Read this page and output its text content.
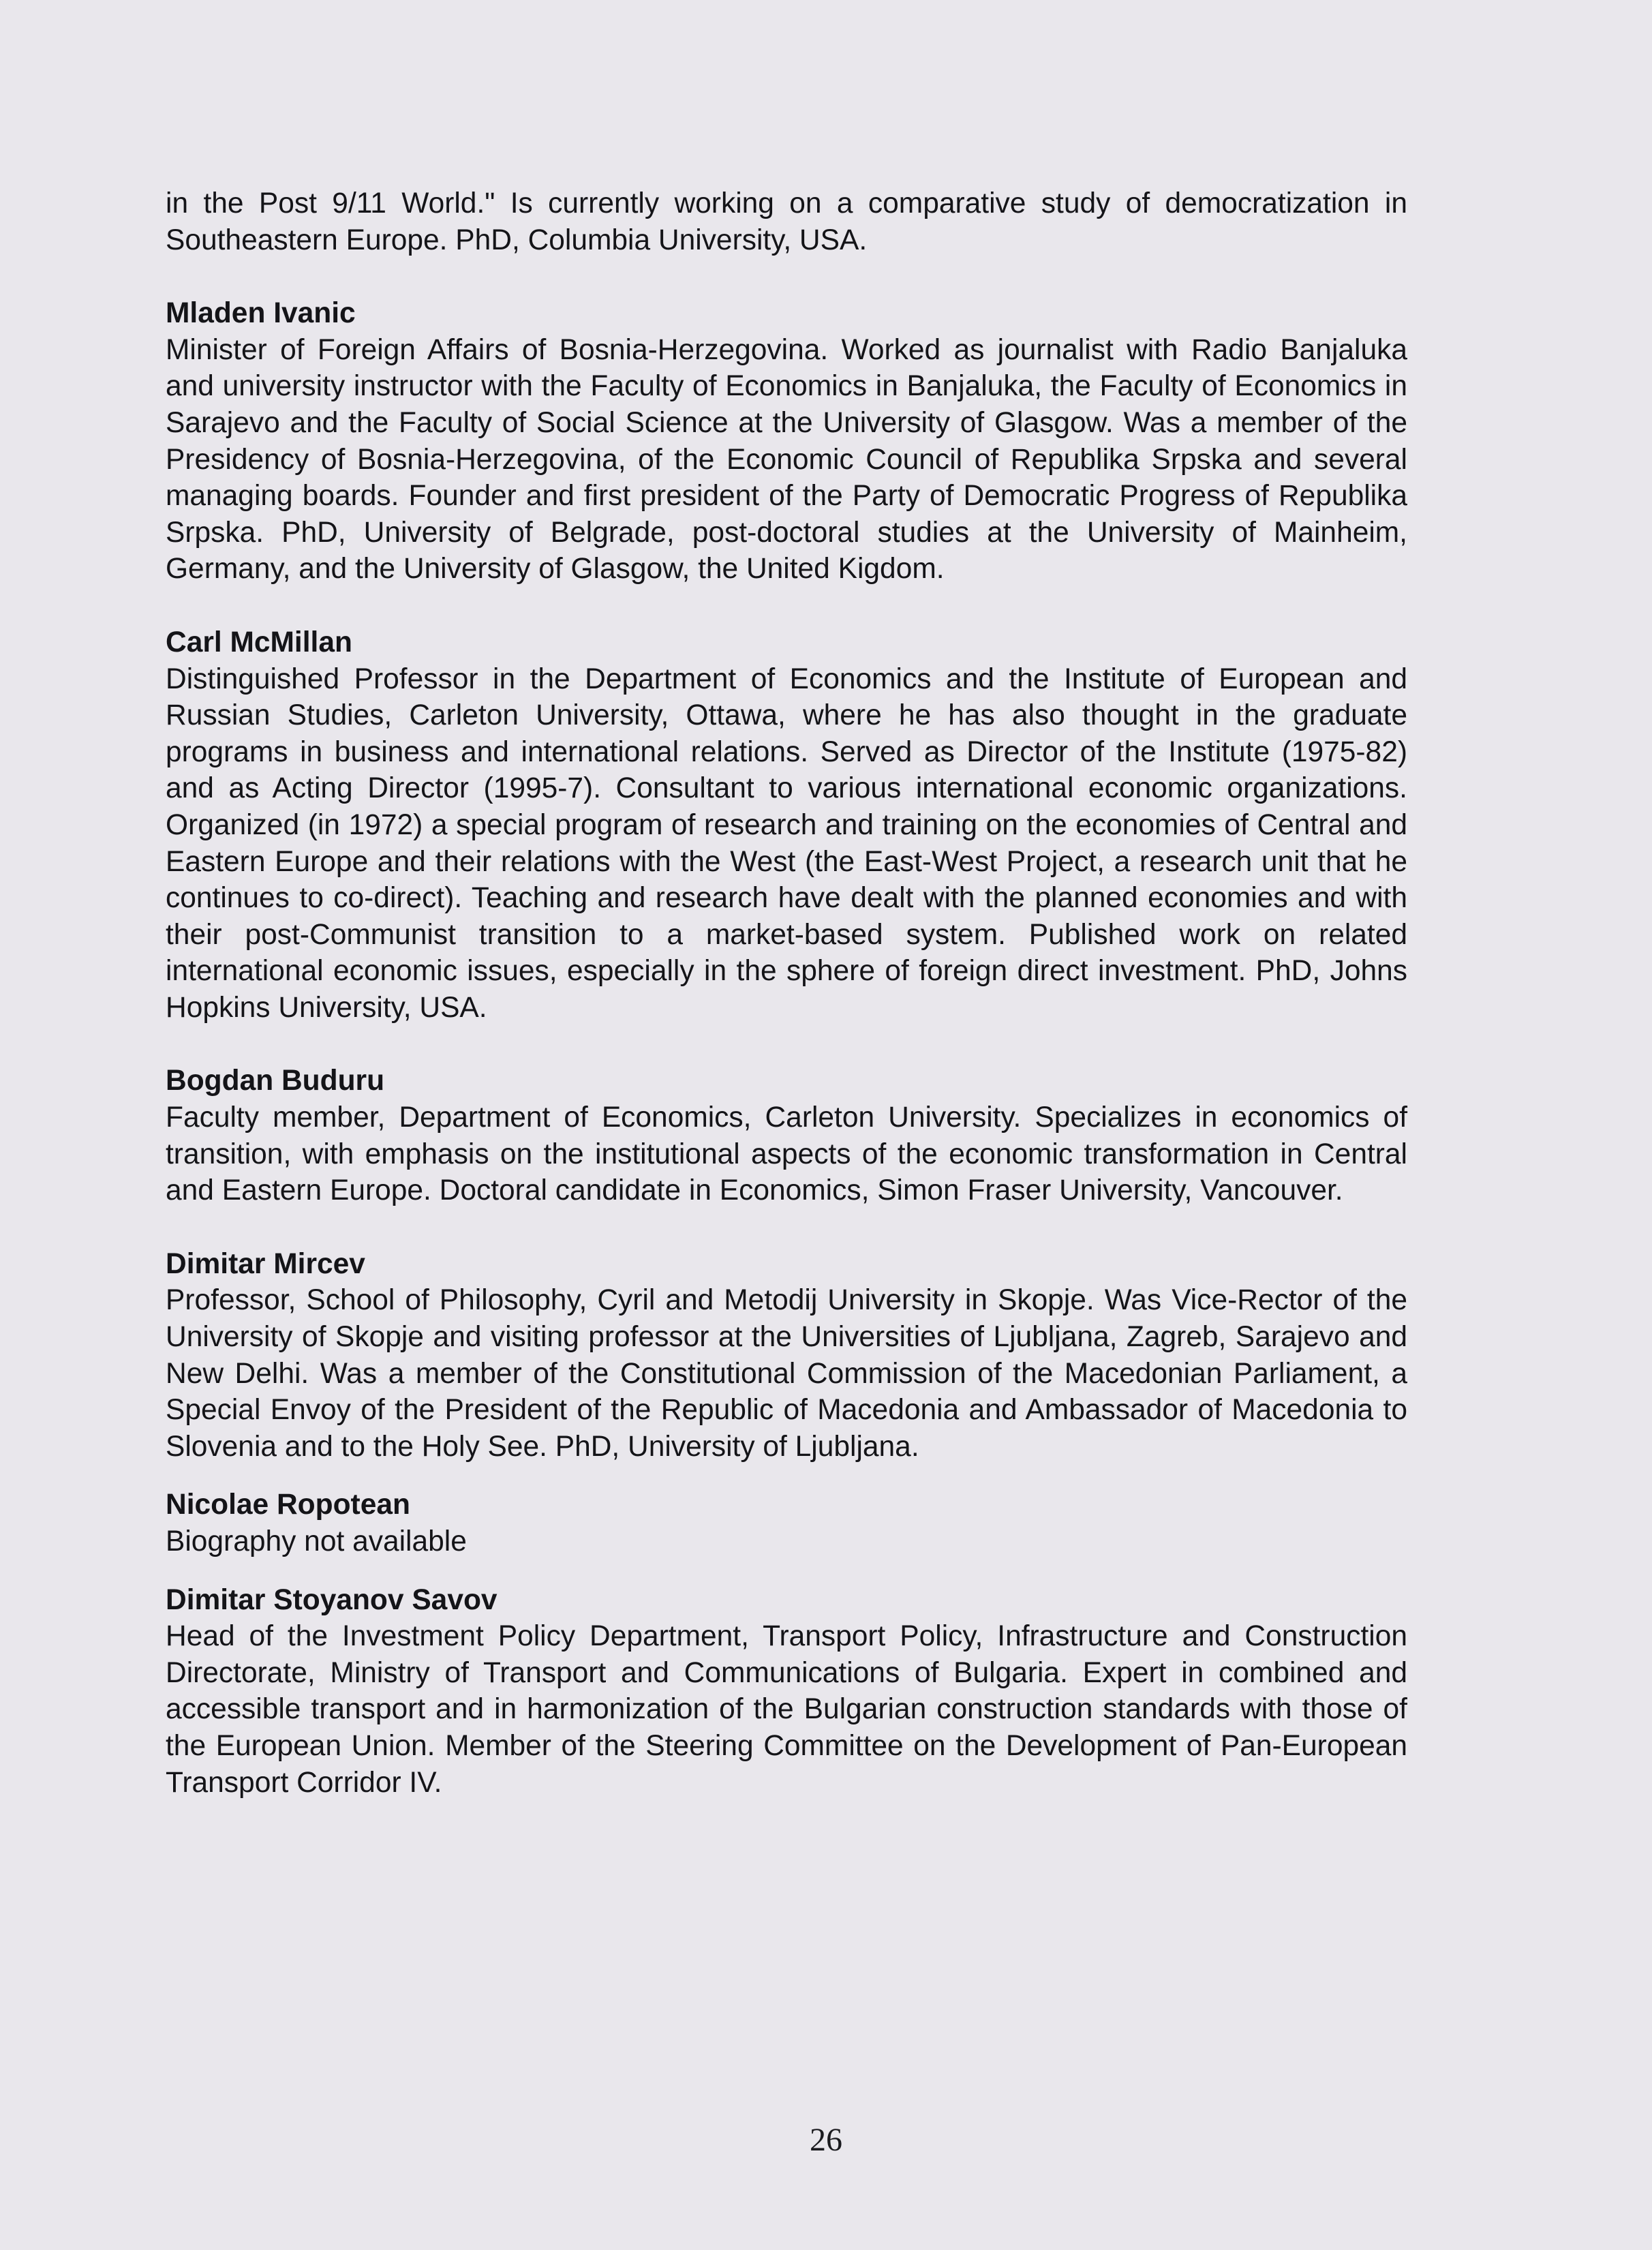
in the Post 9/11 World." Is currently working on a comparative study of democratization in Southeastern Europe. PhD, Columbia University, USA.

Mladen Ivanic

Minister of Foreign Affairs of Bosnia-Herzegovina. Worked as journalist with Radio Banjaluka and university instructor with the Faculty of Economics in Banjaluka, the Faculty of Economics in Sarajevo and the Faculty of Social Science at the University of Glasgow. Was a member of the Presidency of Bosnia-Herzegovina, of the Economic Council of Republika Srpska and several managing boards. Founder and first president of the Party of Democratic Progress of Republika Srpska. PhD, University of Belgrade, post-doctoral studies at the University of Mainheim, Germany, and the University of Glasgow, the United Kigdom.

Carl McMillan

Distinguished Professor in the Department of Economics and the Institute of European and Russian Studies, Carleton University, Ottawa, where he has also thought in the graduate programs in business and international relations. Served as Director of the Institute (1975-82) and as Acting Director (1995-7). Consultant to various international economic organizations. Organized (in 1972) a special program of research and training on the economies of Central and Eastern Europe and their relations with the West (the East-West Project, a research unit that he continues to co-direct). Teaching and research have dealt with the planned economies and with their post-Communist transition to a market-based system. Published work on related international economic issues, especially in the sphere of foreign direct investment. PhD, Johns Hopkins University, USA.

Bogdan Buduru

Faculty member, Department of Economics, Carleton University. Specializes in economics of transition, with emphasis on the institutional aspects of the economic transformation in Central and Eastern Europe. Doctoral candidate in Economics, Simon Fraser University, Vancouver.

Dimitar Mircev

Professor, School of Philosophy, Cyril and Metodij University in Skopje. Was Vice-Rector of the University of Skopje and visiting professor at the Universities of Ljubljana, Zagreb, Sarajevo and New Delhi. Was a member of the Constitutional Commission of the Macedonian Parliament, a Special Envoy of the President of the Republic of Macedonia and Ambassador of Macedonia to Slovenia and to the Holy See. PhD, University of Ljubljana.

Nicolae Ropotean

Biography not available

Dimitar Stoyanov Savov

Head of the Investment Policy Department, Transport Policy, Infrastructure and Construction Directorate, Ministry of Transport and Communications of Bulgaria. Expert in combined and accessible transport and in harmonization of the Bulgarian construction standards with those of the European Union. Member of the Steering Committee on the Development of Pan-European Transport Corridor IV.

26
